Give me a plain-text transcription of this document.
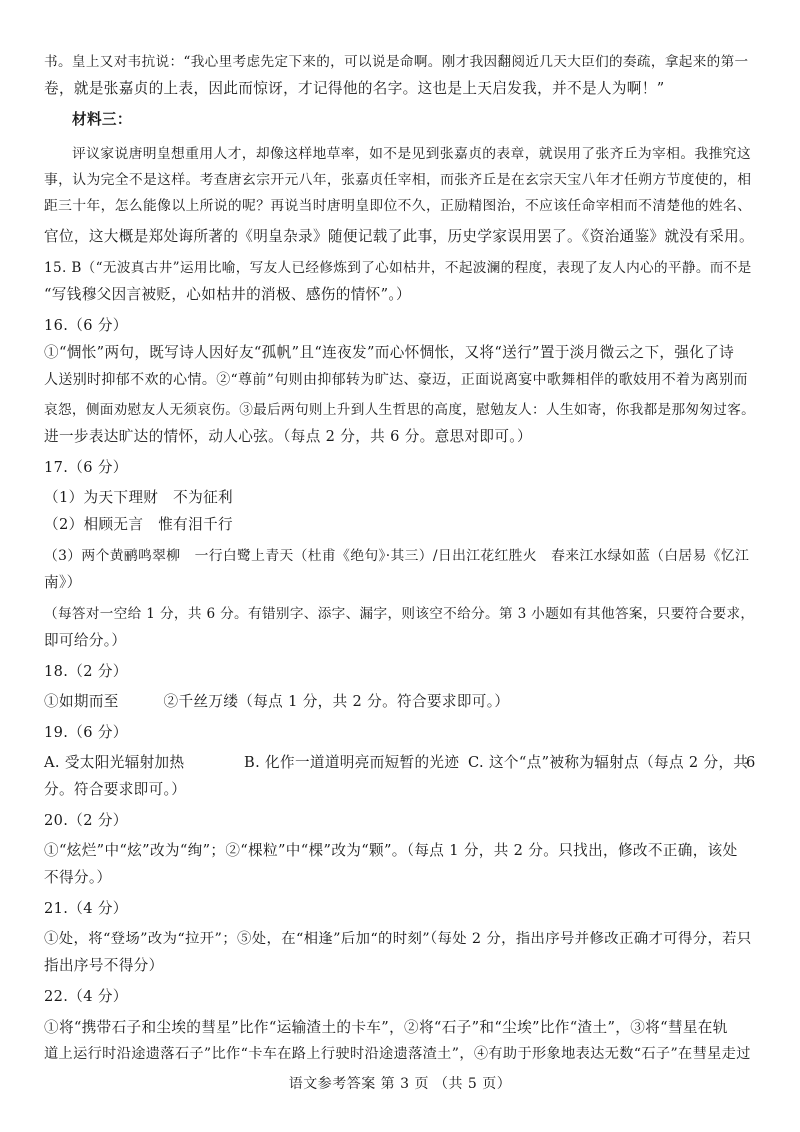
书。皇上又对韦抗说：“我心里考虑先定下来的，可以说是命啊。刚才我因翻阅近几天大臣们的奏疏，拿起来的第一
卷，就是张嘉贞的上表，因此而惊讶，才记得他的名字。这也是上天启发我，并不是人为啊！”
材料三：
评议家说唐明皇想重用人才，却像这样地草率，如不是见到张嘉贞的表章，就误用了张齐丘为宰相。我推究这
事，认为完全不是这样。考查唐玄宗开元八年，张嘉贞任宰相，而张齐丘是在玄宗天宝八年才任朔方节度使的，相
距三十年，怎么能像以上所说的呢？再说当时唐明皇即位不久，正励精图治，不应该任命宰相而不清楚他的姓名、
官位，这大概是郑处诲所著的《明皇杂录》随便记载了此事，历史学家误用罢了。《资治通鉴》就没有采用。
15. B（“无波真古井”运用比喻，写友人已经修炼到了心如枯井，不起波澜的程度，表现了友人内心的平静。而不是
“写钱穆父因言被贬，心如枯井的消极、感伤的情怀”。）
16.（6 分）
①“惆怅”两句，既写诗人因好友“孤帆”且“连夜发”而心怀惆怅，又将“送行”置于淡月微云之下，强化了诗
人送别时抑郁不欢的心情。②“尊前”句则由抑郁转为旷达、豪迈，正面说离宴中歌舞相伴的歌妓用不着为离别而
哀怨，侧面劝慰友人无须哀伤。③最后两句则上升到人生哲思的高度，慰勉友人：人生如寄，你我都是那匆匆过客。
进一步表达旷达的情怀，动人心弦。（每点 2 分，共 6 分。意思对即可。）
17.（6 分）
（1）为天下理财　不为征利
（2）相顾无言　惟有泪千行
（3）两个黄鹂鸣翠柳　一行白鹭上青天（杜甫《绝句》·其三）/日出江花红胜火　春来江水绿如蓝（白居易《忆江
南》）
（每答对一空给 1 分，共 6 分。有错别字、添字、漏字，则该空不给分。第 3 小题如有其他答案，只要符合要求，
即可给分。）
18.（2 分）
①如期而至　　　②千丝万缕（每点 1 分，共 2 分。符合要求即可。）
19.（6 分）
A. 受太阳光辐射加热	B. 化作一道道明亮而短暂的光迹 C. 这个“点”被称为辐射点（每点 2 分，共
6
分。符合要求即可。）
20.（2 分）
①“炫烂”中“炫”改为“绚”；②“棵粒”中“棵”改为“颗”。（每点 1 分，共 2 分。只找出，修改不正确，该处
不得分。）
21.（4 分）
①处，将“登场”改为“拉开”；⑤处，在“相逢”后加“的时刻”（每处 2 分，指出序号并修改正确才可得分，若只
指出序号不得分）
22.（4 分）
①将“携带石子和尘埃的彗星”比作“运输渣土的卡车”，②将“石子”和“尘埃”比作“渣土”，③将“彗星在轨
道上运行时沿途遗落石子”比作“卡车在路上行驶时沿途遗落渣土”，④有助于形象地表达无数“石子”在彗星走过
语文参考答案 第 3 页 （共 5 页）
